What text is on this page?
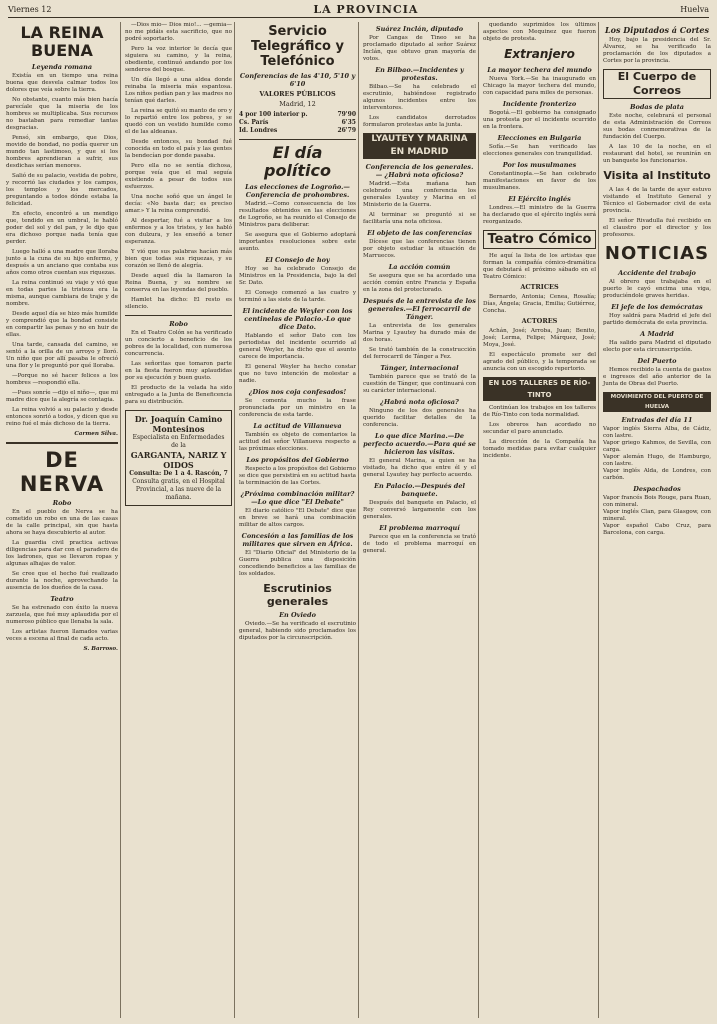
Viernes 12	LA PROVINCIA	Huelva
LA REINA BUENA
Leyenda romana

Existía en un tiempo una reina buena que desvela calmar todos los dolores que veía sobre la tierra.

No obstante, cuanto más bien hacía parecíale que la miseria de los hombres se multiplicaba. Sus recursos no bastaban para remediar tantas desgracias.

Pensó, sin embargo, que Dios, movido de bondad, no podía querer un mundo tan lastimoso, y que si los hombres aprendieran a sufrir, sus desdichas serían menores.

Salió de su palacio, vestida de pobre, y recorrió las ciudades y los campos, los templos y los mercados, preguntando a todos dónde estaba la felicidad.

En efecto, encontró a un mendigo que, tendido en un umbral, le habló poder del sol y del pan, y le dijo que era dichoso porque nada tenía que perder.

Luego halló a una madre que lloraba junto a la cuna de su hijo enfermo, y después a un anciano que contaba sus años como otros cuentan sus riquezas.

La reina continuó su viaje y vió que en todas partes la tristeza era la misma, aunque cambiara de traje y de nombre.

Desde aquel día se hizo más humilde y comprendió que la bondad consiste en compartir las penas y no en huir de ellas.

Una tarde, cansada del camino, se sentó a la orilla de un arroyo y lloró. Un niño que por allí pasaba le ofreció una flor y le preguntó por qué lloraba.

—Porque no sé hacer felices a los hombres —respondió ella.

—Pues sonríe —dijo el niño—, que mi madre dice que la alegría se contagia.

La reina volvió a su palacio y desde entonces sonrió a todos, y dicen que su reino fué el más dichoso de la tierra.

Carmen Silva.
DE NERVA
Robo

En el pueblo de Nerva se ha cometido un robo en una de las casas de la calle principal, sin que hasta ahora se haya descubierto al autor.

La guardia civil practica activas diligencias para dar con el paradero de los ladrones, que se llevaron ropas y algunas alhajas de valor.

Se cree que el hecho fué realizado durante la noche, aprovechando la ausencia de los dueños de la casa.

Teatro

Se ha estrenado con éxito la nueva zarzuela, que fué muy aplaudida por el numeroso público que llenaba la sala.

Los artistas fueron llamados varias veces a escena al final de cada acto.

S. Barroso.

—Dios mío— Dios mío!... —gemía— no me pidáis esta sacrificio, que no podré soportarlo.

Pero la voz interior le decía que siguiera su camino, y la reina, obediente, continuó andando por los senderos del bosque.

Un día llegó a una aldea donde reinaba la miseria más espantosa. Los niños pedían pan y las madres no tenían qué darles.

La reina se quitó su manto de oro y lo repartió entre los pobres, y se quedó con un vestido humilde como el de las aldeanas.

Desde entonces, su bondad fué conocida en todo el país y las gentes la bendecían por donde pasaba.

Pero ella no se sentía dichosa, porque veía que el mal seguía existiendo a pesar de todos sus esfuerzos.

Una noche soñó que un ángel le decía: «No basta dar; es preciso amar.» Y la reina comprendió.

Al despertar, fué a visitar a los enfermos y a los tristes, y les habló con dulzura, y les enseñó a tener esperanza.

Y vió que sus palabras hacían más bien que todas sus riquezas, y su corazón se llenó de alegría.

Desde aquel día la llamaron la Reina Buena, y su nombre se conserva en las leyendas del pueblo.

Hamlet ha dicho: El resto es silencio.

Robo

En el Teatro Colón se ha verificado un concierto a beneficio de los pobres de la localidad, con numerosa concurrencia.

Las señoritas que tomaron parte en la fiesta fueron muy aplaudidas por su ejecución y buen gusto.

El producto de la velada ha sido entregado a la Junta de Beneficencia para su distribución.

Dr. Joaquín Camino Montesinos
Especialista en Enfermedades de la
GARGANTA, NARIZ Y OIDOS
Consulta: De 1 a 4. Rascón, 7
Consulta gratis, en el Hospital Provincial, a las nueve de la mañana.
Servicio Telegráfico y Telefónico
Conferencias de las 4'10, 5'10 y 6'10
VALORES PÚBLICOS
Madrid, 12
4 por 100 interior p.	79'90
Cs. París	6'35
Id. Londres	26'79
El día político
Las elecciones de Logroño.— Conferencia de prohombres.

Madrid.—Como consecuencia de los resultados obtenidos en las elecciones de Logroño, se ha reunido el Consejo de Ministros para deliberar.

Se asegura que el Gobierno adoptará importantes resoluciones sobre este asunto.

El Consejo de hoy

Hoy se ha celebrado Consejo de Ministros en la Presidencia, bajo la del Sr. Dato.

El Consejo comenzó a las cuatro y terminó a las siete de la tarde.

El incidente de Weyler con los centinelas de Palacio.-Lo que dice Dato.

Hablando el señor Dato con los periodistas del incidente ocurrido al general Weyler, ha dicho que el asunto carece de importancia.

El general Weyler ha hecho constar que no tuvo intención de molestar a nadie.

¿Dios nos coja confesados!

Se comenta mucho la frase pronunciada por un ministro en la conferencia de esta tarde.

La actitud de Villanueva

También es objeto de comentarios la actitud del señor Villanueva respecto a las próximas elecciones.

Los propósitos del Gobierno

Respecto a los propósitos del Gobierno se dice que persistirá en su actitud hasta la terminación de las Cortes.

¿Próxima combinación militar?—Lo que dice "El Debate"

El diario católico "El Debate" dice que en breve se hará una combinación militar de altos cargos.

Concesión a las familias de los militares que sirven en África.

El "Diario Oficial" del Ministerio de la Guerra publica una disposición concediendo beneficios a las familias de los soldados.

Escrutinios generales
En Oviedo

Oviedo.—Se ha verificado el escrutinio general, habiendo sido proclamados los diputados por la circunscripción.

Suárez Inclán, diputado

Por Cangas de Tineo se ha proclamado diputado al señor Suárez Inclán, que obtuvo gran mayoría de votos.

En Bilbao.—Incidentes y protestas.

Bilbao.—Se ha celebrado el escrutinio, habiéndose registrado algunos incidentes entre los interventores.

Los candidatos derrotados formularon protestas ante la junta.

LYAUTEY Y MARINA EN MADRID
Conferencia de los generales.— ¿Habrá nota oficiosa?

Madrid.—Esta mañana han celebrado una conferencia los generales Lyautey y Marina en el Ministerio de la Guerra.

Al terminar se preguntó si se facilitaría una nota oficiosa.

El objeto de las conferencias

Dícese que las conferencias tienen por objeto estudiar la situación de Marruecos.

La acción común

Se asegura que se ha acordado una acción común entre Francia y España en la zona del protectorado.

Después de la entrevista de los generales.—El ferrocarril de Tánger.

La entrevista de los generales Marina y Lyautey ha durado más de dos horas.

Se trató también de la construcción del ferrocarril de Tánger a Fez.

Tánger, internacional

También parece que se trató de la cuestión de Tánger, que continuará con su carácter internacional.

¿Habrá nota oficiosa?

Ninguno de los dos generales ha querido facilitar detalles de la conferencia.

Lo que dice Marina.—De perfecto acuerdo.—Para qué se hicieron las visitas.

El general Marina, a quien se ha visitado, ha dicho que entre él y el general Lyautey hay perfecto acuerdo.

En Palacio.—Después del banquete.

Después del banquete en Palacio, el Rey conversó largamente con los generales.

El problema marroquí

Parece que en la conferencia se trató de todo el problema marroquí en general.

quedando suprimidos los últimos aspectos con Mequinez que fueron objeto de protesta.

Extranjero
La mayor techera del mundo

Nueva York.—Se ha inaugurado en Chicago la mayor techera del mundo, con capacidad para miles de personas.

Incidente fronterizo

Bogotá.—El gobierno ha consignado una protesta por el incidente ocurrido en la frontera.

Elecciones en Bulgaria

Sofía.—Se han verificado las elecciones generales con tranquilidad.

Por los musulmanes

Constantinopla.—Se han celebrado manifestaciones en favor de los musulmanes.

El Ejército inglés

Londres.—El ministro de la Guerra ha declarado que el ejército inglés será reorganizado.

Teatro Cómico

He aquí la lista de los artistas que forman la compañía cómico-dramática que debutará el próximo sábado en el Teatro Cómico:

ACTRICES

Bernardo, Antonia; Cenea, Rosalía; Días, Ángela; Gracia, Emilia; Gutiérrez, Concha.

ACTORES

Achán, José; Arroba, Juan; Benito, José; Lerma, Felipe; Márquez, José; Moya, José.

El espectáculo promete ser del agrado del público, y la temporada se anuncia con un escogido repertorio.

EN LOS TALLERES DE RÍO-TINTO

Continúan los trabajos en los talleres de Río-Tinto con toda normalidad.

Los obreros han acordado no secundar el paro anunciado.

La dirección de la Compañía ha tomado medidas para evitar cualquier incidente.

Los Diputados á Cortes

Hoy, bajo la presidencia del Sr. Álvarez, se ha verificado la proclamación de los diputados a Cortes por la provincia.

El Cuerpo de Correos
Bodas de plata

Este noche, celebrará el personal de esta Administración de Correos sus bodas conmemorativas de la fundación del Cuerpo.

A las 10 de la noche, en el restaurant del hotel, se reunirán en un banquete los funcionarios.

Visita al Instituto

A las 4 de la tarde de ayer estuvo visitando el Instituto General y Técnico el Gobernador civil de esta provincia.

El señor Rivadulla fué recibido en el claustro por el director y los profesores.

NOTICIAS
Accidente del trabajo

Al obrero que trabajaba en el puerto le cayó encima una viga, produciéndole graves heridas.

El jefe de los demócratas

Hoy saldrá para Madrid el jefe del partido demócrata de esta provincia.

A Madrid

Ha salido para Madrid el diputado electo por esta circunscripción.

Del Puerto

Hemos recibido la cuenta de gastos e ingresos del año anterior de la Junta de Obras del Puerto.

MOVIMIENTO DEL PUERTO DE HUELVA
Entradas del día 11
Vapor inglés Sierra Alba, de Cádiz, con lastre.
Vapor griego Kahmos, de Sevilla, con carga.
Vapor alemán Hugo, de Hamburgo, con lastre.
Vapor inglés Alda, de Londres, con carbón.
Despachados
Vapor francés Bois Rouge, para Ruan, con mineral.
Vapor inglés Clan, para Glasgow, con mineral.
Vapor español Cabo Cruz, para Barcelona, con carga.
